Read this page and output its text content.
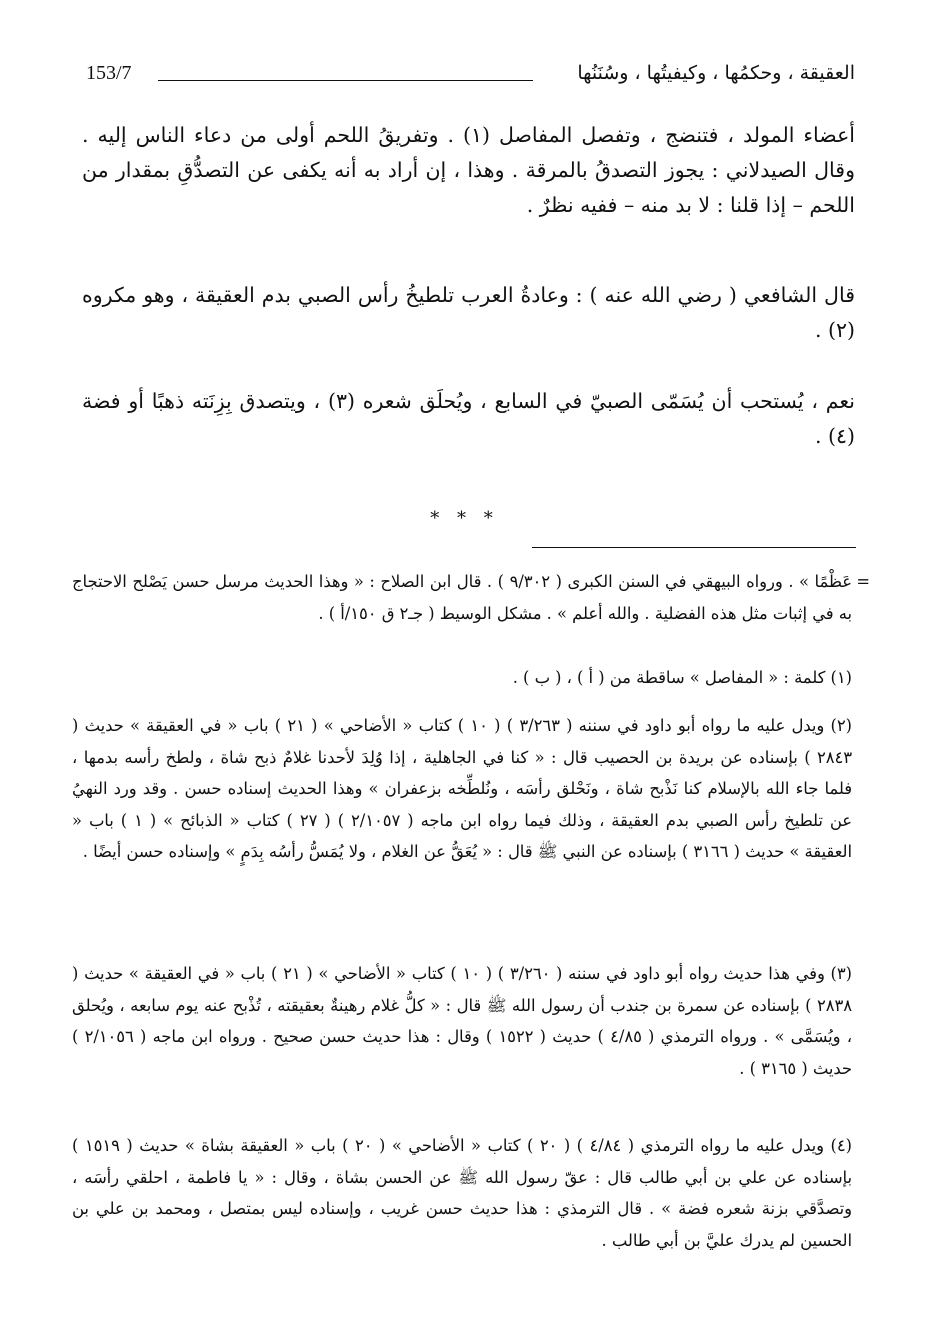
العقيقة ، وحكمُها ، وكيفيتُها ، وسُنَنُها
153/7

أعضاء المولد ، فتنضج ، وتفصل المفاصل (١) . وتفريقُ اللحم أولى من دعاء الناس إليه . وقال الصيدلاني : يجوز التصدقُ بالمرقة . وهذا ، إن أراد به أنه يكفى عن التصدُّقِ بمقدار من اللحم – إذا قلنا : لا بد منه – ففيه نظرٌ .

قال الشافعي ( رضي الله عنه ) : وعادةُ العرب تلطيخُ رأس الصبي بدم العقيقة ، وهو مكروه (٢) .

نعم ، يُستحب أن يُسَمّى الصبيّ في السابع ، ويُحلَق شعره (٣) ، ويتصدق بِزِنَته ذهبًا أو فضة (٤) .

* * *
=

عَظْمًا » . ورواه البيهقي في السنن الكبرى ( ٩/٣٠٢ ) . قال ابن الصلاح : « وهذا الحديث مرسل حسن يَصْلح الاحتجاج به في إثبات مثل هذه الفضلية . والله أعلم » . مشكل الوسيط ( جـ٢ ق ١٥٠/أ ) .

(١) كلمة : « المفاصل » ساقطة من ( أ ) ، ( ب ) .

(٢) ويدل عليه ما رواه أبو داود في سننه ( ٣/٢٦٣ ) ( ١٠ ) كتاب « الأضاحي » ( ٢١ ) باب « في العقيقة » حديث ( ٢٨٤٣ ) بإسناده عن بريدة بن الحصيب قال : « كنا في الجاهلية ، إذا وُلِدَ لأحدنا غلامٌ ذبح شاة ، ولطخ رأسه بدمها ، فلما جاء الله بالإسلام كنا نَذْبح شاة ، ونَحْلق رأسَه ، ونُلطِّخه بزعفران » وهذا الحديث إسناده حسن . وقد ورد النهيُ عن تلطيخ رأس الصبي بدم العقيقة ، وذلك فيما رواه ابن ماجه ( ٢/١٠٥٧ ) ( ٢٧ ) كتاب « الذبائح » ( ١ ) باب « العقيقة » حديث ( ٣١٦٦ ) بإسناده عن النبي ﷺ قال : « يُعَقُّ عن الغلام ، ولا يُمَسُّ رأسُه بِدَمٍ » وإسناده حسن أيضًا .

(٣) وفي هذا حديث رواه أبو داود في سننه ( ٣/٢٦٠ ) ( ١٠ ) كتاب « الأضاحي » ( ٢١ ) باب « في العقيقة » حديث ( ٢٨٣٨ ) بإسناده عن سمرة بن جندب أن رسول الله ﷺ قال : « كلُّ غلام رهينةٌ بعقيقته ، تُذْبح عنه يوم سابعه ، ويُحلق ، ويُسَمَّى » . ورواه الترمذي ( ٤/٨٥ ) حديث ( ١٥٢٢ ) وقال : هذا حديث حسن صحيح . ورواه ابن ماجه ( ٢/١٠٥٦ ) حديث ( ٣١٦٥ ) .

(٤) ويدل عليه ما رواه الترمذي ( ٤/٨٤ ) ( ٢٠ ) كتاب « الأضاحي » ( ٢٠ ) باب « العقيقة بشاة » حديث ( ١٥١٩ ) بإسناده عن علي بن أبي طالب قال : عقّ رسول الله ﷺ عن الحسن بشاة ، وقال : « يا فاطمة ، احلقي رأسَه ، وتصدَّقي بزنة شعره فضة » . قال الترمذي : هذا حديث حسن غريب ، وإسناده ليس بمتصل ، ومحمد بن علي بن الحسين لم يدرك عليَّ بن أبي طالب .
